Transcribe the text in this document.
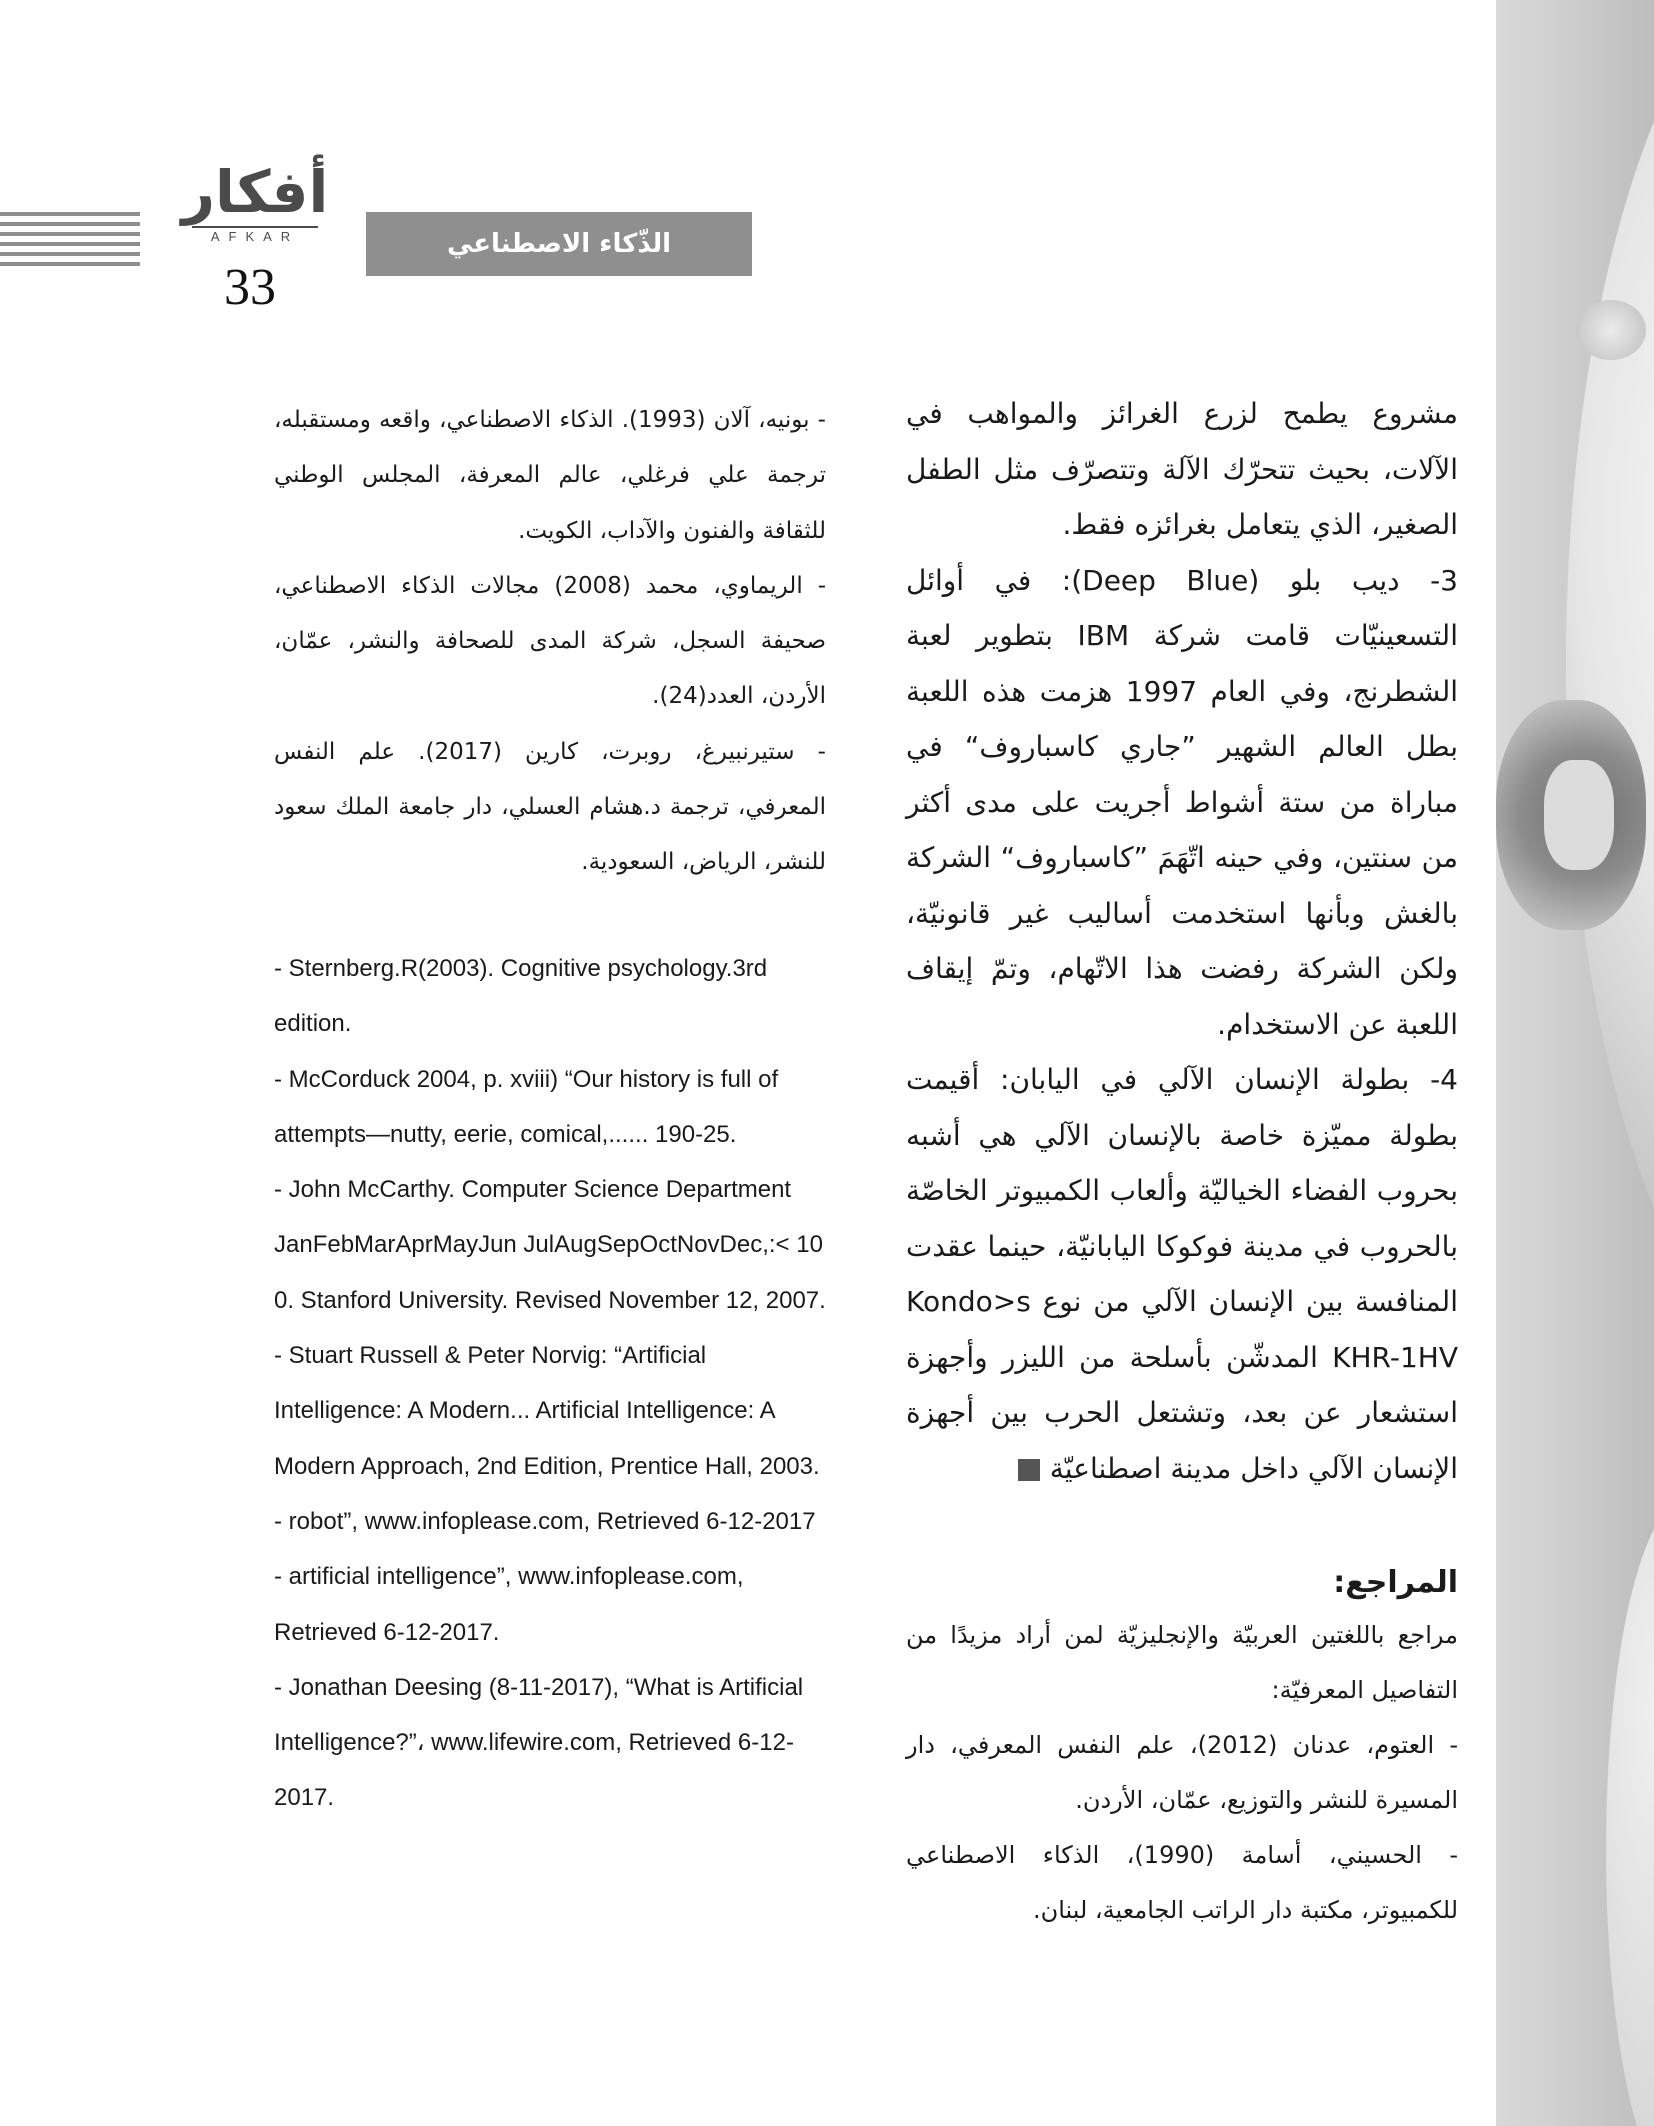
أفكار
AFKAR
33
الذّكاء الاصطناعي

مشروع يطمح لزرع الغرائز والمواهب في الآلات، بحيث تتحرّك الآلة وتتصرّف مثل الطفل الصغير، الذي يتعامل بغرائزه فقط.

3- ديب بلو (Deep Blue): في أوائل التسعينيّات قامت شركة IBM بتطوير لعبة الشطرنج، وفي العام 1997 هزمت هذه اللعبة بطل العالم الشهير ”جاري كاسباروف“ في مباراة من ستة أشواط أجريت على مدى أكثر من سنتين، وفي حينه اتّهَمَ ”كاسباروف“ الشركة بالغش وبأنها استخدمت أساليب غير قانونيّة، ولكن الشركة رفضت هذا الاتّهام، وتمّ إيقاف اللعبة عن الاستخدام.

4- بطولة الإنسان الآلي في اليابان: أقيمت بطولة مميّزة خاصة بالإنسان الآلي هي أشبه بحروب الفضاء الخياليّة وألعاب الكمبيوتر الخاصّة بالحروب في مدينة فوكوكا اليابانيّة، حينما عقدت المنافسة بين الإنسان الآلي من نوع Kondo>s KHR-1HV المدشّن بأسلحة من الليزر وأجهزة استشعار عن بعد، وتشتعل الحرب بين أجهزة الإنسان الآلي داخل مدينة اصطناعيّة

المراجع:

مراجع باللغتين العربيّة والإنجليزيّة لمن أراد مزيدًا من التفاصيل المعرفيّة:

- العتوم، عدنان (2012)، علم النفس المعرفي، دار المسيرة للنشر والتوزيع، عمّان، الأردن.

- الحسيني، أسامة (1990)، الذكاء الاصطناعي للكمبيوتر، مكتبة دار الراتب الجامعية، لبنان.

- بونيه، آلان (1993). الذكاء الاصطناعي، واقعه ومستقبله، ترجمة علي فرغلي، عالم المعرفة، المجلس الوطني للثقافة والفنون والآداب، الكويت.

- الريماوي، محمد (2008) مجالات الذكاء الاصطناعي، صحيفة السجل، شركة المدى للصحافة والنشر، عمّان، الأردن، العدد(24).

- ستيرنبيرغ، روبرت، كارين (2017). علم النفس المعرفي، ترجمة د.هشام العسلي، دار جامعة الملك سعود للنشر، الرياض، السعودية.

- Sternberg.R(2003). Cognitive psychology.3rd edition.
- McCorduck 2004, p. xviii) “Our history is full of attempts—nutty, eerie, comical,...... 190-25.
- John McCarthy. Computer Science Department JanFebMarAprMayJun JulAugSepOctNovDec,:< 10 0. Stanford University. Revised November 12, 2007.
- Stuart Russell & Peter Norvig: “Artificial Intelligence: A Modern... Artificial Intelligence: A Modern Approach, 2nd Edition, Prentice Hall, 2003. - robot”, www.infoplease.com, Retrieved 6-12-2017
- artificial intelligence”, www.infoplease.com, Retrieved 6-12-2017.
- Jonathan Deesing (8-11-2017), “What is Artificial Intelligence?”، www.lifewire.com, Retrieved 6-12-2017.
